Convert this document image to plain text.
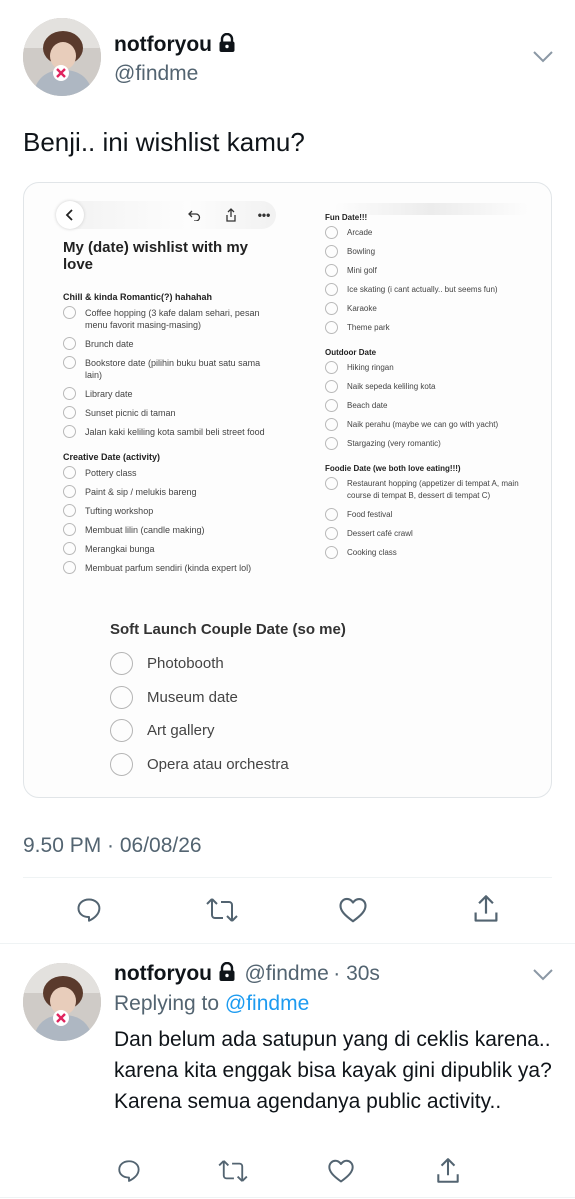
notforyou
@findme
Benji.. ini wishlist kamu?
•••
My (date) wishlist with my love
Chill & kinda Romantic(?) hahahah
Coffee hopping (3 kafe dalam sehari, pesan menu favorit masing-masing)
Brunch date
Bookstore date (pilihin buku buat satu sama lain)
Library date
Sunset picnic di taman
Jalan kaki keliling kota sambil beli street food
Creative Date (activity)
Pottery class
Paint & sip / melukis bareng
Tufting workshop
Membuat lilin (candle making)
Merangkai bunga
Membuat parfum sendiri (kinda expert lol)
Fun Date!!!
Arcade
Bowling
Mini golf
Ice skating (i cant actually.. but seems fun)
Karaoke
Theme park
Outdoor Date
Hiking ringan
Naik sepeda keliling kota
Beach date
Naik perahu (maybe we can go with yacht)
Stargazing (very romantic)
Foodie Date (we both love eating!!!)
Restaurant hopping (appetizer di tempat A, main course di tempat B, dessert di tempat C)
Food festival
Dessert café crawl
Cooking class
Soft Launch Couple Date (so me)
Photobooth
Museum date
Art gallery
Opera atau orchestra
9.50 PM · 06/08/26
notforyou @findme · 30s
Replying to @findme
Dan belum ada satupun yang di ceklis karena.. karena kita enggak bisa kayak gini dipublik ya? Karena semua agendanya public activity..
